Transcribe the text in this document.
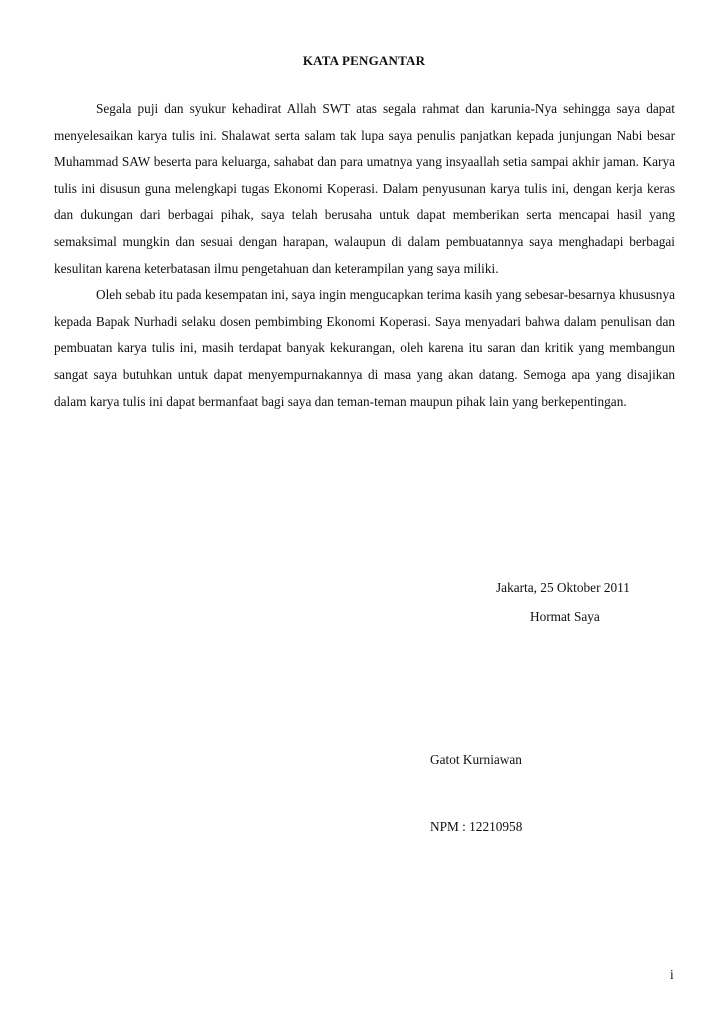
KATA PENGANTAR

Segala puji dan syukur kehadirat Allah SWT atas segala rahmat dan karunia-Nya sehingga saya dapat menyelesaikan karya tulis ini. Shalawat serta salam tak lupa saya penulis panjatkan kepada junjungan Nabi besar Muhammad SAW beserta para keluarga, sahabat dan para umatnya yang insyaallah setia sampai akhir jaman. Karya tulis ini disusun guna melengkapi tugas Ekonomi Koperasi. Dalam penyusunan karya tulis ini, dengan kerja keras dan dukungan dari berbagai pihak, saya telah berusaha untuk dapat memberikan serta mencapai hasil yang semaksimal mungkin dan sesuai dengan harapan, walaupun di dalam pembuatannya saya menghadapi berbagai kesulitan karena keterbatasan ilmu pengetahuan dan keterampilan yang saya miliki.

Oleh sebab itu pada kesempatan ini, saya ingin mengucapkan terima kasih yang sebesar-besarnya khususnya kepada Bapak Nurhadi selaku dosen pembimbing Ekonomi Koperasi. Saya menyadari bahwa dalam penulisan dan pembuatan karya tulis ini, masih terdapat banyak kekurangan, oleh karena itu saran dan kritik yang membangun sangat saya butuhkan untuk dapat menyempurnakannya di masa yang akan datang. Semoga apa yang disajikan dalam karya tulis ini dapat bermanfaat bagi saya dan teman-teman maupun pihak lain yang berkepentingan.

Jakarta, 25 Oktober 2011
Hormat Saya
Gatot Kurniawan
NPM : 12210958
i
